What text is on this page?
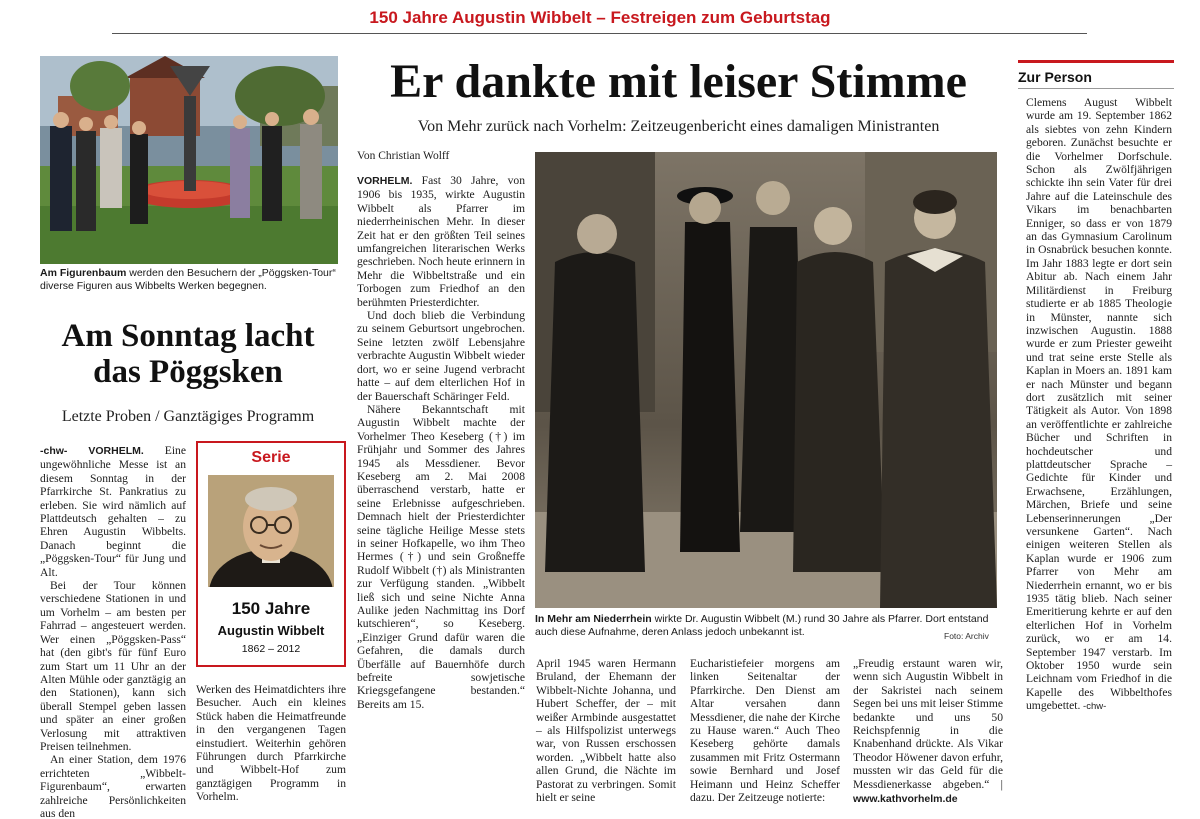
150 Jahre Augustin Wibbelt – Festreigen zum Geburtstag
Am Figurenbaum werden den Besuchern der „Pöggsken-Tour“ diverse Figuren aus Wibbelts Werken begegnen.
Am Sonntag lacht
das Pöggsken
Letzte Proben / Ganztägiges Programm

-chw- VORHELM. Eine ungewöhnliche Messe ist an diesem Sonntag in der Pfarrkirche St. Pankratius zu erleben. Sie wird nämlich auf Plattdeutsch gehalten – zu Ehren Augustin Wibbelts. Danach beginnt die „Pöggsken-Tour“ für Jung und Alt.

Bei der Tour können verschiedene Stationen in und um Vorhelm – am besten per Fahrrad – angesteuert werden. Wer einen „Pöggsken-Pass“ hat (den gibt's für fünf Euro zum Start um 11 Uhr an der Alten Mühle oder ganztägig an den Stationen), kann sich überall Stempel geben lassen und später an einer großen Verlosung mit attraktiven Preisen teilnehmen.

An einer Station, dem 1976 errichteten „Wibbelt-Figurenbaum“, erwarten zahlreiche Persönlichkeiten aus den

Serie
150 Jahre
Augustin Wibbelt
1862 – 2012

Werken des Heimatdichters ihre Besucher. Auch ein kleines Stück haben die Heimatfreunde in den vergangenen Tagen einstudiert. Weiterhin gehören Führungen durch Pfarrkirche und Wibbelt-Hof zum ganztägigen Programm in Vorhelm.

Er dankte mit leiser Stimme
Von Mehr zurück nach Vorhelm: Zeitzeugenbericht eines damaligen Ministranten
Von Christian Wolff

VORHELM. Fast 30 Jahre, von 1906 bis 1935, wirkte Augustin Wibbelt als Pfarrer im niederrheinischen Mehr. In dieser Zeit hat er den größten Teil seines umfangreichen literarischen Werks geschrieben. Noch heute erinnern in Mehr die Wibbeltstraße und ein Torbogen zum Friedhof an den berühmten Priesterdichter.

Und doch blieb die Verbindung zu seinem Geburtsort ungebrochen. Seine letzten zwölf Lebensjahre verbrachte Augustin Wibbelt wieder dort, wo er seine Jugend verbracht hatte – auf dem elterlichen Hof in der Bauerschaft Schäringer Feld.

Nähere Bekanntschaft mit Augustin Wibbelt machte der Vorhelmer Theo Keseberg (†) im Frühjahr und Sommer des Jahres 1945 als Messdiener. Bevor Keseberg am 2. Mai 2008 überraschend verstarb, hatte er seine Erlebnisse aufgeschrieben. Demnach hielt der Priesterdichter seine tägliche Heilige Messe stets in seiner Hofkapelle, wo ihm Theo Hermes (†) und sein Großneffe Rudolf Wibbelt (†) als Ministranten zur Verfügung standen. „Wibbelt ließ sich und seine Nichte Anna Aulike jeden Nachmittag ins Dorf kutschieren“, so Keseberg. „Einziger Grund dafür waren die Gefahren, die damals durch Überfälle auf Bauernhöfe durch befreite sowjetische Kriegsgefangene bestanden.“ Bereits am 15.

In Mehr am Niederrhein wirkte Dr. Augustin Wibbelt (M.) rund 30 Jahre als Pfarrer. Dort entstand auch diese Aufnahme, deren Anlass jedoch unbekannt ist.	Foto: Archiv

April 1945 waren Hermann Bruland, der Ehemann der Wibbelt-Nichte Johanna, und Hubert Scheffer, der – mit weißer Armbinde ausgestattet – als Hilfspolizist unterwegs war, von Russen erschossen worden. „Wibbelt hatte also allen Grund, die Nächte im Pastorat zu verbringen. Somit hielt er seine

Eucharistiefeier morgens am linken Seitenaltar der Pfarrkirche. Den Dienst am Altar versahen dann Messdiener, die nahe der Kirche zu Hause waren.“ Auch Theo Keseberg gehörte damals zusammen mit Fritz Ostermann sowie Bernhard und Josef Heimann und Heinz Scheffer dazu. Der Zeitzeuge notierte:

„Freudig erstaunt waren wir, wenn sich Augustin Wibbelt in der Sakristei nach seinem Segen bei uns mit leiser Stimme bedankte und uns 50 Reichspfennig in die Knabenhand drückte. Als Vikar Theodor Höwener davon erfuhr, mussten wir das Geld für die Messdienerkasse abgeben.“ | www.kathvorhelm.de

Zur Person

Clemens August Wibbelt wurde am 19. September 1862 als siebtes von zehn Kindern geboren. Zunächst besuchte er die Vorhelmer Dorfschule. Schon als Zwölfjährigen schickte ihn sein Vater für drei Jahre auf die Lateinschule des Vikars im benachbarten Enniger, so dass er von 1879 an das Gymnasium Carolinum in Osnabrück besuchen konnte. Im Jahr 1883 legte er dort sein Abitur ab. Nach einem Jahr Militärdienst in Freiburg studierte er ab 1885 Theologie in Münster, nannte sich inzwischen Augustin. 1888 wurde er zum Priester geweiht und trat seine erste Stelle als Kaplan in Moers an. 1891 kam er nach Münster und begann dort zusätzlich mit seiner Tätigkeit als Autor. Von 1898 an veröffentlichte er zahlreiche Bücher und Schriften in hochdeutscher und plattdeutscher Sprache – Gedichte für Kinder und Erwachsene, Erzählungen, Märchen, Briefe und seine Lebenserinnerungen „Der versunkene Garten“. Nach einigen weiteren Stellen als Kaplan wurde er 1906 zum Pfarrer von Mehr am Niederrhein ernannt, wo er bis 1935 tätig blieb. Nach seiner Emeritierung kehrte er auf den elterlichen Hof in Vorhelm zurück, wo er am 14. September 1947 verstarb. Im Oktober 1950 wurde sein Leichnam vom Friedhof in die Kapelle des Wibbelthofes umgebettet. -chw-
